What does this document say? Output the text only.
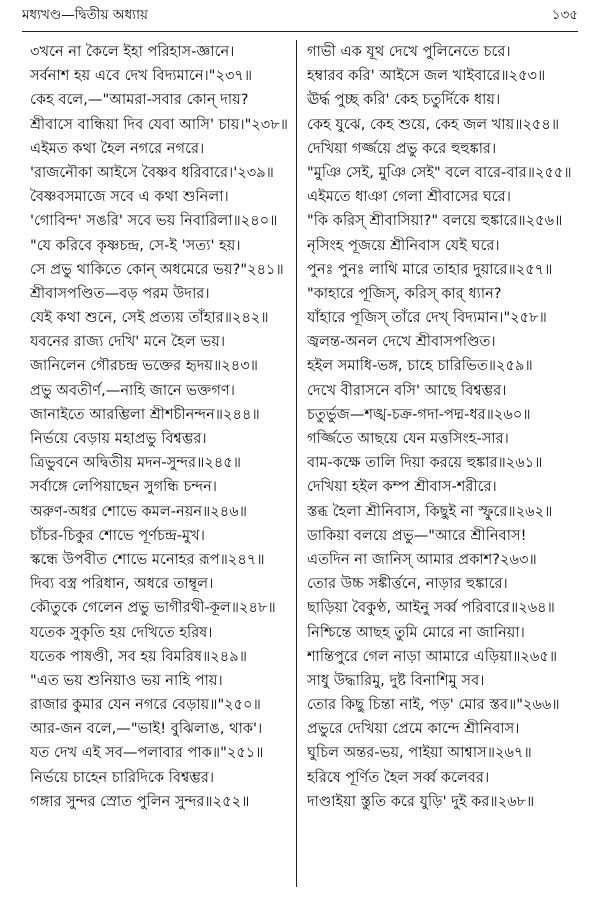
মধ্যখণ্ড—দ্বিতীয় অধ্যায়	১৩৫
৩খনে না কৈলে ইহা পরিহাস-জ্ঞানে।
সর্বনাশ হয় এবে দেখ বিদ্যমানে।"২৩৭॥
কেহ বলে,—"আমরা-সবার কোন্‌ দায়?
শ্রীবাসে বান্ধিয়া দিব যেবা আসি' চায়।"২৩৮॥
এইমত কথা হৈল নগরে নগরে।
'রাজনৌকা আইসে বৈষ্ণব ধরিবারে।'২৩৯॥
বৈষ্ণবসমাজে সবে এ কথা শুনিলা।
'গোবিন্দ' সঙরি' সবে ভয় নিবারিলা॥২৪০॥
"যে করিবে কৃষ্ণচন্দ্র, সে-ই 'সত্য' হয়।
সে প্রভু থাকিতে কোন্‌ অধমেরে ভয়?"২৪১॥
শ্রীবাসপণ্ডিত—বড় পরম উদার।
যেই কথা শুনে, সেই প্রত্যয় তাঁহার॥২৪২॥
যবনের রাজ্য দেখি' মনে হৈল ভয়।
জানিলেন গৌরচন্দ্র ভক্তের হৃদয়॥২৪৩॥
প্রভু অবতীর্ণ,—নাহি জানে ভক্তগণ।
জানাইতে আরম্ভিলা শ্রীশচীনন্দন॥২৪৪॥
নির্ভয়ে বেড়ায় মহাপ্রভু বিশ্বম্ভর।
ত্রিভুবনে অদ্বিতীয় মদন-সুন্দর॥২৪৫॥
সর্বাঙ্গে লেপিয়াছেন সুগন্ধি চন্দন।
অরুণ-অধর শোভে কমল-নয়ন॥২৪৬॥
চাঁচর-চিকুর শোভে পূর্ণচন্দ্র-মুখ।
স্কন্ধে উপবীত শোভে মনোহর রূপ॥২৪৭॥
দিব্য বস্ত্র পরিধান, অধরে তাম্বূল।
কৌতুকে গেলেন প্রভু ভাগীরথী-কূল॥২৪৮॥
যতেক সুকৃতি হয় দেখিতে হরিষ।
যতেক পাষণ্ডী, সব হয় বিমরিষ॥২৪৯॥
"এত ভয় শুনিয়াও ভয় নাহি পায়।
রাজার কুমার যেন নগরে বেড়ায়॥"২৫০॥
আর-জন বলে,—"ভাই! বুঝিলাঙ, থাক'।
যত দেখ এই সব—পলাবার পাক॥"২৫১॥
নির্ভয়ে চাহেন চারিদিকে বিশ্বম্ভর।
গঙ্গার সুন্দর স্রোত পুলিন সুন্দর॥২৫২॥
গাভী এক যূথ দেখে পুলিনেতে চরে।
হম্বারব করি' আইসে জল খাইবারে॥২৫৩॥
ঊর্দ্ধ পুচ্ছ করি' কেহ চতুর্দিকে ধায়।
কেহ যুঝে, কেহ শুয়ে, কেহ জল খায়॥২৫৪॥
দেখিয়া গর্জ্জয়ে প্রভু করে হুহুঙ্কার।
"মুঞি সেই, মুঞি সেই" বলে বারে-বার॥২৫৫॥
এইমতে ধাঞা গেলা শ্রীবাসের ঘরে।
"কি করিস্‌ শ্রীবাসিয়া?" বলয়ে হুঙ্কারে॥২৫৬॥
নৃসিংহ পূজয়ে শ্রীনিবাস যেই ঘরে।
পুনঃ পুনঃ লাথি মারে তাহার দুয়ারে॥২৫৭॥
"কাহারে পূজিস্‌, করিস্‌ কার্‌ ধ্যান?
যাঁহারে পূজিস্‌ তাঁরে দেখ্‌ বিদ্যমান।"২৫৮॥
জ্বলন্ত-অনল দেখে শ্রীবাসপণ্ডিত।
হইল সমাধি-ভঙ্গ, চাহে চারিভিত॥২৫৯॥
দেখে বীরাসনে বসি' আছে বিশ্বম্ভর।
চতুর্ভুজ—শঙ্খ-চক্র-গদা-পদ্ম-ধর॥২৬০॥
গর্জ্জিতে আছয়ে যেন মত্তসিংহ-সার।
বাম-কক্ষে তালি দিয়া করয়ে হুঙ্কার॥২৬১॥
দেখিয়া হইল কম্প শ্রীবাস-শরীরে।
স্তব্ধ হৈলা শ্রীনিবাস, কিছুই না স্ফুরে॥২৬২॥
ডাকিয়া বলয়ে প্রভু—"আরে শ্রীনিবাস!
এতদিন না জানিস্‌ আমার প্রকাশ?২৬৩॥
তোর উচ্চ সঙ্কীর্ত্তনে, নাড়ার হুঙ্কারে।
ছাড়িয়া বৈকুণ্ঠ, আইনু সর্ব্ব পরিবারে॥২৬৪॥
নিশ্চিন্তে আছহ তুমি মোরে না জানিয়া।
শান্তিপুরে গেল নাড়া আমারে এড়িয়া॥২৬৫॥
সাধু উদ্ধারিমু, দুষ্ট বিনাশিমু সব।
তোর কিছু চিন্তা নাই, পড়' মোর স্তব॥"২৬৬॥
প্রভুরে দেখিয়া প্রেমে কান্দে শ্রীনিবাস।
ঘুচিল অন্তর-ভয়, পাইয়া আশ্বাস॥২৬৭॥
হরিষে পূর্ণিত হৈল সর্ব্ব কলেবর।
দাণ্ডাইয়া স্তুতি করে যুড়ি' দুই কর॥২৬৮॥
